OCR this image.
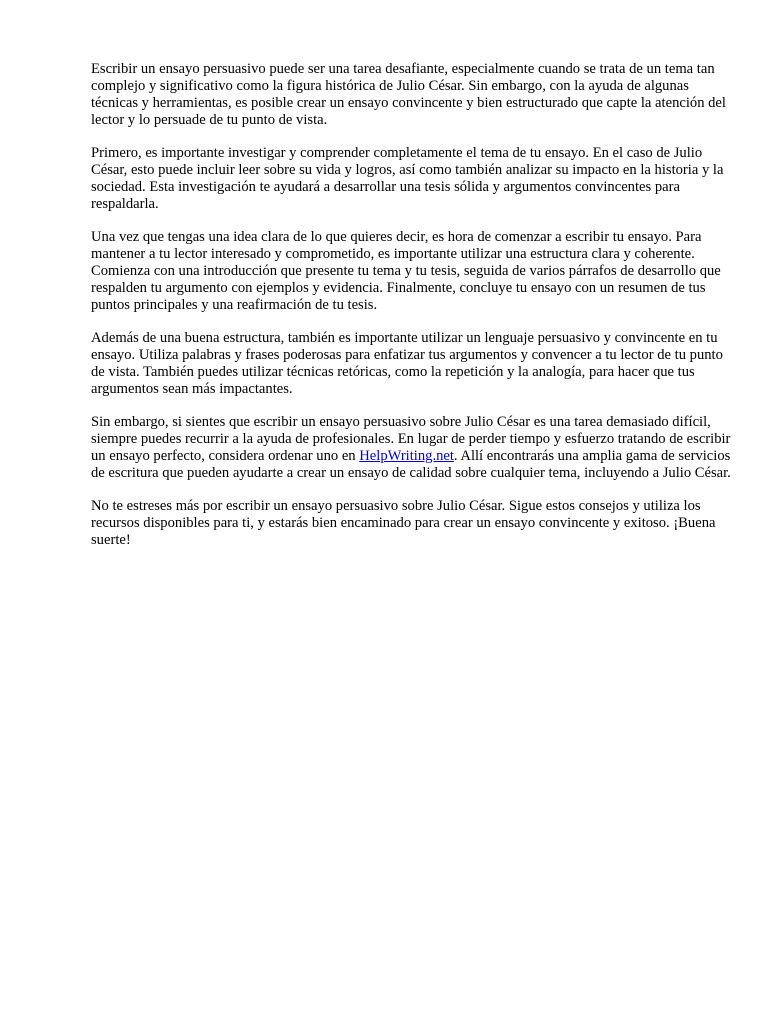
Escribir un ensayo persuasivo puede ser una tarea desafiante, especialmente cuando se trata de un tema tan complejo y significativo como la figura histórica de Julio César. Sin embargo, con la ayuda de algunas técnicas y herramientas, es posible crear un ensayo convincente y bien estructurado que capte la atención del lector y lo persuade de tu punto de vista.

Primero, es importante investigar y comprender completamente el tema de tu ensayo. En el caso de Julio César, esto puede incluir leer sobre su vida y logros, así como también analizar su impacto en la historia y la sociedad. Esta investigación te ayudará a desarrollar una tesis sólida y argumentos convincentes para respaldarla.

Una vez que tengas una idea clara de lo que quieres decir, es hora de comenzar a escribir tu ensayo. Para mantener a tu lector interesado y comprometido, es importante utilizar una estructura clara y coherente. Comienza con una introducción que presente tu tema y tu tesis, seguida de varios párrafos de desarrollo que respalden tu argumento con ejemplos y evidencia. Finalmente, concluye tu ensayo con un resumen de tus puntos principales y una reafirmación de tu tesis.

Además de una buena estructura, también es importante utilizar un lenguaje persuasivo y convincente en tu ensayo. Utiliza palabras y frases poderosas para enfatizar tus argumentos y convencer a tu lector de tu punto de vista. También puedes utilizar técnicas retóricas, como la repetición y la analogía, para hacer que tus argumentos sean más impactantes.

Sin embargo, si sientes que escribir un ensayo persuasivo sobre Julio César es una tarea demasiado difícil, siempre puedes recurrir a la ayuda de profesionales. En lugar de perder tiempo y esfuerzo tratando de escribir un ensayo perfecto, considera ordenar uno en HelpWriting.net. Allí encontrarás una amplia gama de servicios de escritura que pueden ayudarte a crear un ensayo de calidad sobre cualquier tema, incluyendo a Julio César.

No te estreses más por escribir un ensayo persuasivo sobre Julio César. Sigue estos consejos y utiliza los recursos disponibles para ti, y estarás bien encaminado para crear un ensayo convincente y exitoso. ¡Buena suerte!
